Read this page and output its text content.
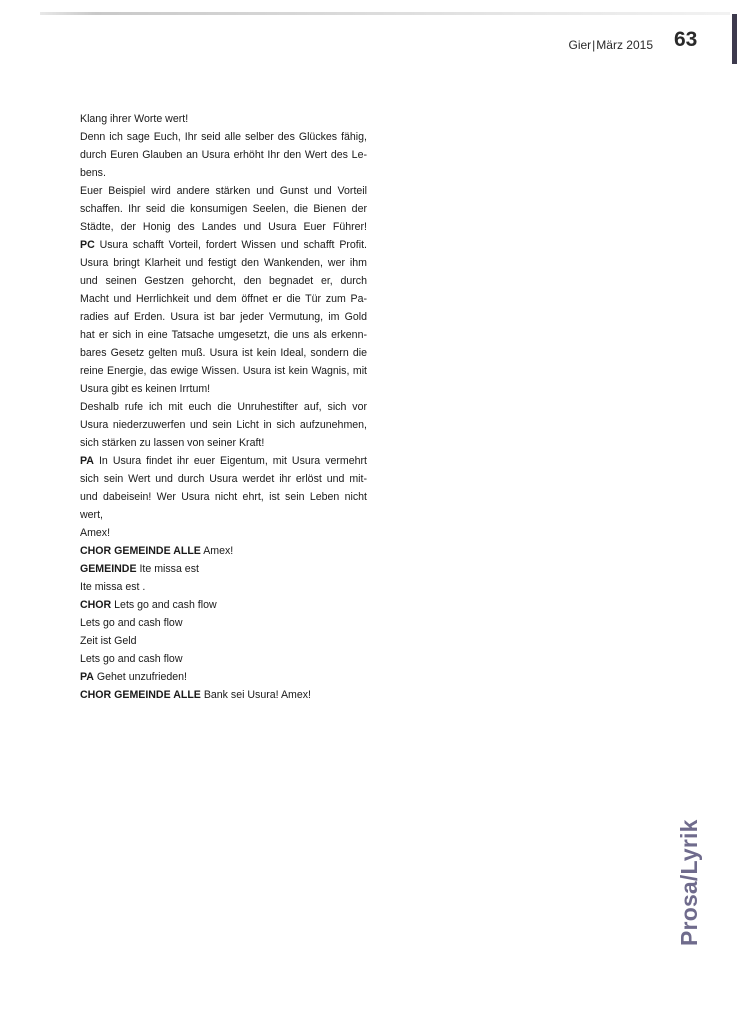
Gier|März 2015 63
Klang ihrer Worte wert!
Denn ich sage Euch, Ihr seid alle selber des Glückes fähig,
durch Euren Glauben an Usura erhöht Ihr den Wert des Le-
bens.
Euer Beispiel wird andere stärken und Gunst und Vorteil
schaffen. Ihr seid die konsumigen Seelen, die Bienen der
Städte, der Honig des Landes und Usura Euer Führer!
PC Usura schafft Vorteil, fordert Wissen und schafft Profit.
Usura bringt Klarheit und festigt den Wankenden, wer ihm
und seinen Gestzen gehorcht, den begnadet er, durch
Macht und Herrlichkeit und dem öffnet er die Tür zum Pa-
radies auf Erden. Usura ist bar jeder Vermutung, im Gold
hat er sich in eine Tatsache umgesetzt, die uns als erkenn-
bares Gesetz gelten muß. Usura ist kein Ideal, sondern die
reine Energie, das ewige Wissen. Usura ist kein Wagnis, mit
Usura gibt es keinen Irrtum!
Deshalb rufe ich mit euch die Unruhestifter auf, sich vor
Usura niederzuwerfen und sein Licht in sich aufzunehmen,
sich stärken zu lassen von seiner Kraft!
PA In Usura findet ihr euer Eigentum, mit Usura vermehrt
sich sein Wert und durch Usura werdet ihr erlöst und mit-
und dabeisein! Wer Usura nicht ehrt, ist sein Leben nicht
wert,
Amex!
CHOR GEMEINDE ALLE Amex!
GEMEINDE Ite missa est
Ite missa est .
CHOR Lets go and cash flow
Lets go and cash flow
Zeit ist Geld
Lets go and cash flow
PA Gehet unzufrieden!
CHOR GEMEINDE ALLE Bank sei Usura! Amex!
Prosa/Lyrik
